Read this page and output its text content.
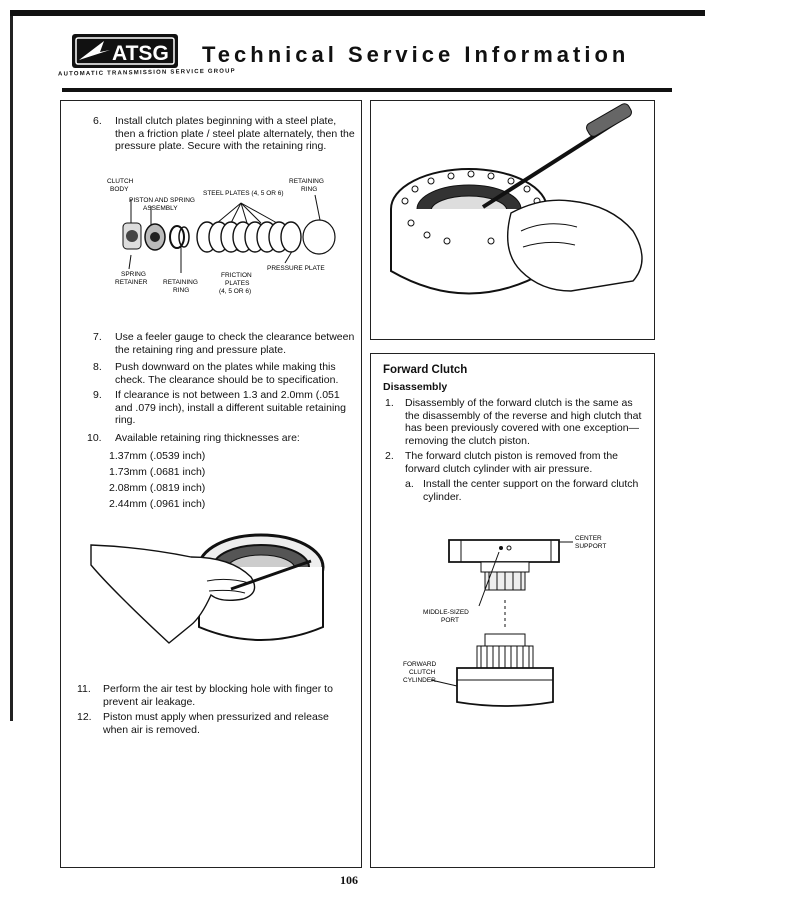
ATSG
AUTOMATIC TRANSMISSION SERVICE GROUP
Technical Service Information
6. Install clutch plates beginning with a steel plate, then a friction plate / steel plate alternately, then the pressure plate. Secure with the retaining ring.
CLUTCH BODY
STEEL PLATES (4, 5 OR 6)
RETAINING RING
PISTON AND SPRING ASSEMBLY
SPRING RETAINER RETAINING RING
FRICTION PLATES (4, 5 OR 6)
PRESSURE PLATE
7. Use a feeler gauge to check the clearance between the retaining ring and pressure plate.
8. Push downward on the plates while making this check. The clearance should be to specification.
9. If clearance is not between 1.3 and 2.0mm (.051 and .079 inch), install a different suitable retaining ring.
10. Available retaining ring thicknesses are:
1.37mm (.0539 inch)
1.73mm (.0681 inch)
2.08mm (.0819 inch)
2.44mm (.0961 inch)
11. Perform the air test by blocking hole with finger to prevent air leakage.
12. Piston must apply when pressurized and release when air is removed.
Forward Clutch
Disassembly
1. Disassembly of the forward clutch is the same as the disassembly of the reverse and high clutch that has been previously covered with one exception—removing the clutch piston.
2. The forward clutch piston is removed from the forward clutch cylinder with air pressure.
a. Install the center support on the forward clutch cylinder.
CENTER SUPPORT
MIDDLE-SIZED PORT
FORWARD CLUTCH CYLINDER
106
